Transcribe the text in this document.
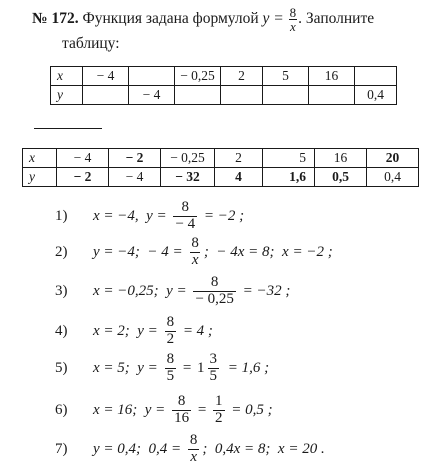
№ 172. Функция задана формулой $y = \frac{8}{x}$ . Заполните
таблицу:
x	− 4		− 0,25	2	5	16	
y		− 4					0,4
x	− 4	− 2	− 0,25	2	5	16	20
y	− 2	− 4	− 32	4	1,6	0,5	0,4
1)	x = −4,  $y = \frac{8}{- 4} = -2$ ;
2)	y = −4;  − $4 = \frac{8}{x}$ ;  − 4x = 8;  x = −2 ;
3)	x = −0,25;  $y = \frac{8}{- 0,25} = -32$ ;
4)	x = 2;  $y = \frac{8}{2} = 4$ ;
5)	x = 5;  $y = \frac{8}{5} = 1 \frac{3}{5} = 1,6$ ;
6)	x = 16;  $y = \frac{8}{16} = \frac{1}{2} = 0,5$ ;
7)	y = 0,4;  $0,4 = \frac{8}{x}$ ;  0,4x = 8;  x = 20 .
